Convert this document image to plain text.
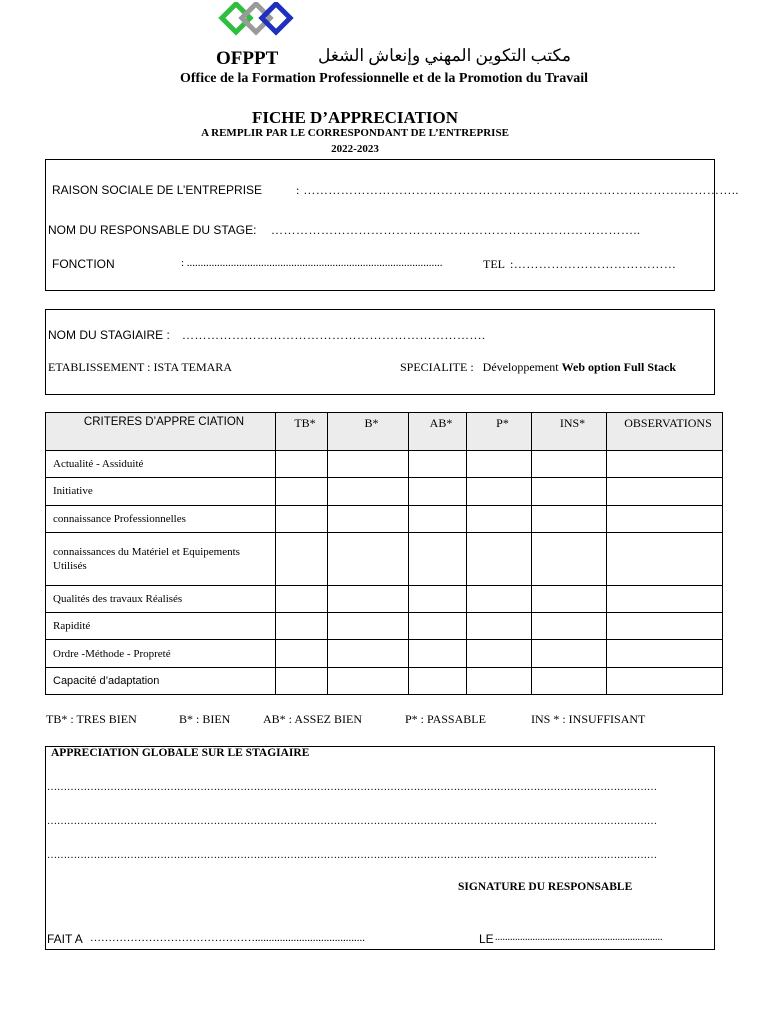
OFPPT مكتب التكوين المهني وإنعاش الشغل
Office de la Formation Professionnelle et de la Promotion du Travail
FICHE D’APPRECIATION
A REMPLIR PAR LE CORRESPONDANT DE L’ENTREPRISE
2022-2023
RAISON SOCIALE DE L’ENTREPRISE	: ……………………………………………………………………………….…………..
NOM DU RESPONSABLE DU STAGE: ……………………………………………………………………………..
FONCTION	: .............................................................................................	TEL :…………………………………
NOM DU STAGIAIRE : ……………………………………………………………….
ETABLISSEMENT : ISTA TEMARA	SPECIALITE : Développement Web option Full Stack
CRITERES D’APPRE CIATION	TB*	B*	AB*	P*	INS*	OBSERVATIONS
Actualité - Assiduité						
Initiative						
connaissance Professionnelles						
connaissances du Matériel et Equipements Utilisés						
Qualités des travaux Réalisés						
Rapidité						
Ordre -Méthode - Propreté						
Capacité d’adaptation						
TB* : TRES BIEN	B* : BIEN	AB* : ASSEZ BIEN	P* : PASSABLE	INS * : INSUFFISANT
APPRECIATION GLOBALE SUR LE STAGIAIRE
…………………………………………………………………………………………………………………………………………………………………
…………………………………………………………………………………………………………………………………………………………………
…………………………………………………………………………………………………………………………………………………………………
SIGNATURE DU RESPONSABLE
FAIT A ………………………………………........................................	LE ...................................................................
